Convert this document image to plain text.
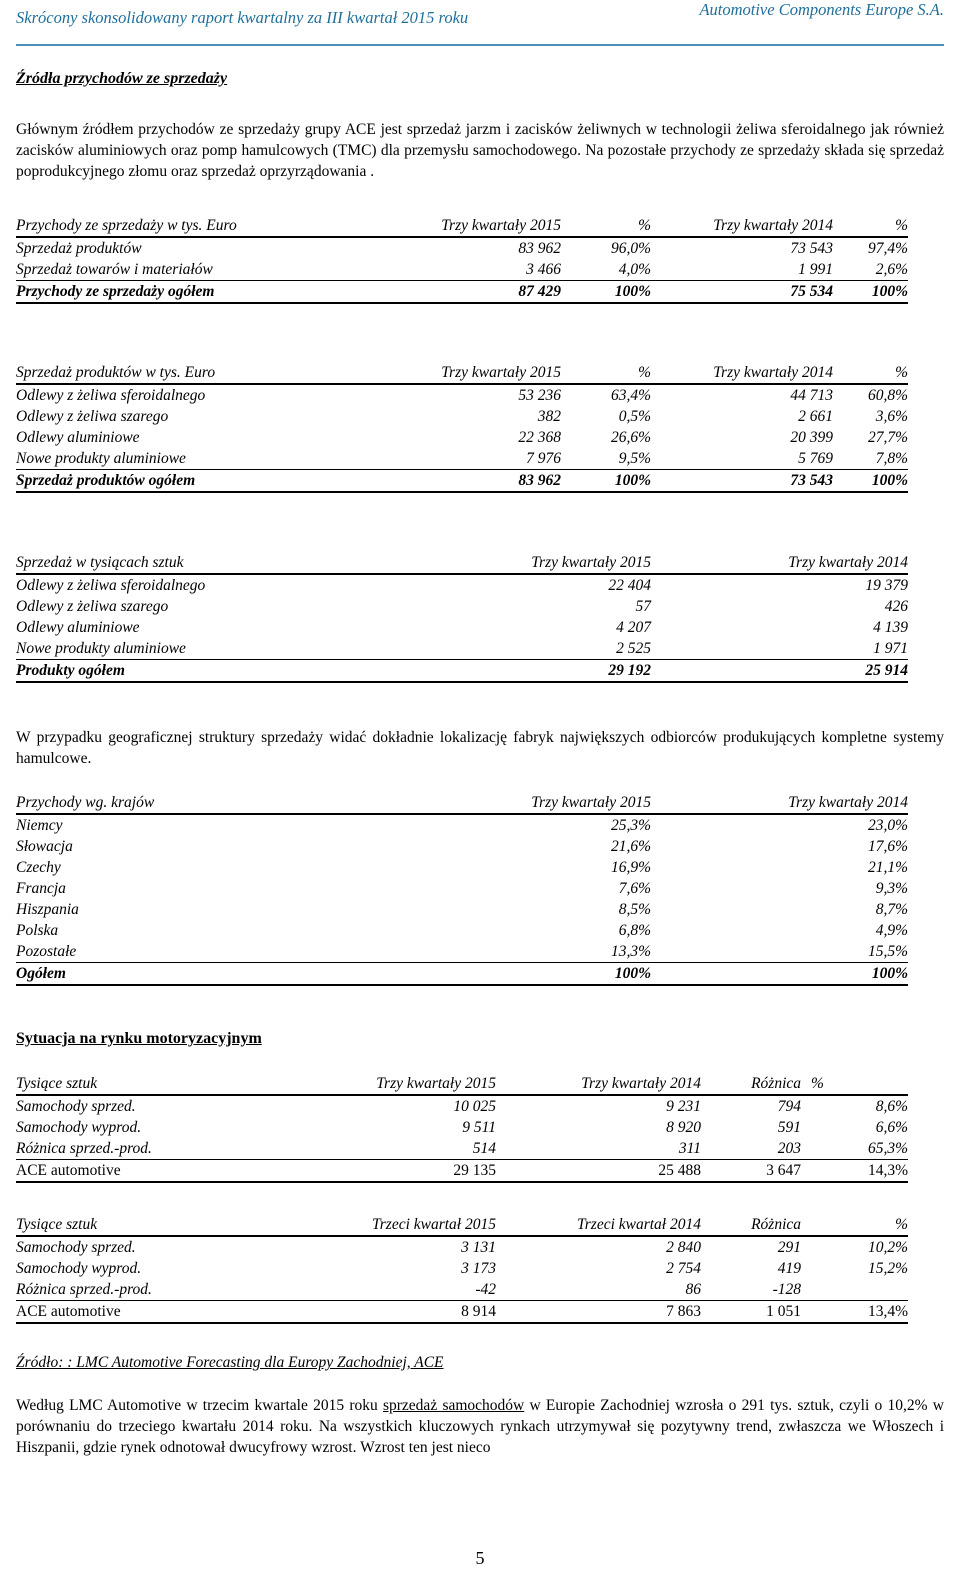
Skrócony skonsolidowany raport kwartalny za III kwartał 2015 roku	Automotive Components Europe S.A.
Źródła przychodów ze sprzedaży
Głównym źródłem przychodów ze sprzedaży grupy ACE jest sprzedaż jarzm i zacisków żeliwnych w technologii żeliwa sferoidalnego jak również zacisków aluminiowych oraz pomp hamulcowych (TMC) dla przemysłu samochodowego. Na pozostałe przychody ze sprzedaży składa się sprzedaż poprodukcyjnego złomu oraz sprzedaż oprzyrządowania .
Przychody ze sprzedaży w tys. Euro	Trzy kwartały 2015	%	Trzy kwartały 2014	%
Sprzedaż produktów	83 962	96,0%	73 543	97,4%
Sprzedaż towarów i materiałów	3 466	4,0%	1 991	2,6%
Przychody ze sprzedaży ogółem	87 429	100%	75 534	100%
Sprzedaż produktów w tys. Euro	Trzy kwartały 2015	%	Trzy kwartały 2014	%
Odlewy z żeliwa sferoidalnego	53 236	63,4%	44 713	60,8%
Odlewy z żeliwa szarego	382	0,5%	2 661	3,6%
Odlewy aluminiowe	22 368	26,6%	20 399	27,7%
Nowe produkty aluminiowe	7 976	9,5%	5 769	7,8%
Sprzedaż produktów ogółem	83 962	100%	73 543	100%
Sprzedaż w tysiącach sztuk	Trzy kwartały 2015	Trzy kwartały 2014
Odlewy z żeliwa sferoidalnego	22 404	19 379
Odlewy z żeliwa szarego	57	426
Odlewy aluminiowe	4 207	4 139
Nowe produkty aluminiowe	2 525	1 971
Produkty ogółem	29 192	25 914
W przypadku geograficznej struktury sprzedaży widać dokładnie lokalizację fabryk największych odbiorców produkujących kompletne systemy hamulcowe.
Przychody wg. krajów	Trzy kwartały 2015	Trzy kwartały 2014
Niemcy	25,3%	23,0%
Słowacja	21,6%	17,6%
Czechy	16,9%	21,1%
Francja	7,6%	9,3%
Hiszpania	8,5%	8,7%
Polska	6,8%	4,9%
Pozostałe	13,3%	15,5%
Ogółem	100%	100%
Sytuacja na rynku motoryzacyjnym
Tysiące sztuk	Trzy kwartały 2015	Trzy kwartały 2014	Różnica	%
Samochody sprzed.	10 025	9 231	794	8,6%
Samochody wyprod.	9 511	8 920	591	6,6%
Różnica sprzed.-prod.	514	311	203	65,3%
ACE automotive	29 135	25 488	3 647	14,3%
Tysiące sztuk	Trzeci kwartał 2015	Trzeci kwartał 2014	Różnica	%
Samochody sprzed.	3 131	2 840	291	10,2%
Samochody wyprod.	3 173	2 754	419	15,2%
Różnica sprzed.-prod.	-42	86	-128	
ACE automotive	8 914	7 863	1 051	13,4%
Źródło: : LMC Automotive Forecasting dla Europy Zachodniej, ACE
Według LMC Automotive w trzecim kwartale 2015 roku sprzedaż samochodów w Europie Zachodniej wzrosła o 291 tys. sztuk, czyli o 10,2% w porównaniu do trzeciego kwartału 2014 roku. Na wszystkich kluczowych rynkach utrzymywał się pozytywny trend, zwłaszcza we Włoszech i Hiszpanii, gdzie rynek odnotował dwucyfrowy wzrost. Wzrost ten jest nieco
5
